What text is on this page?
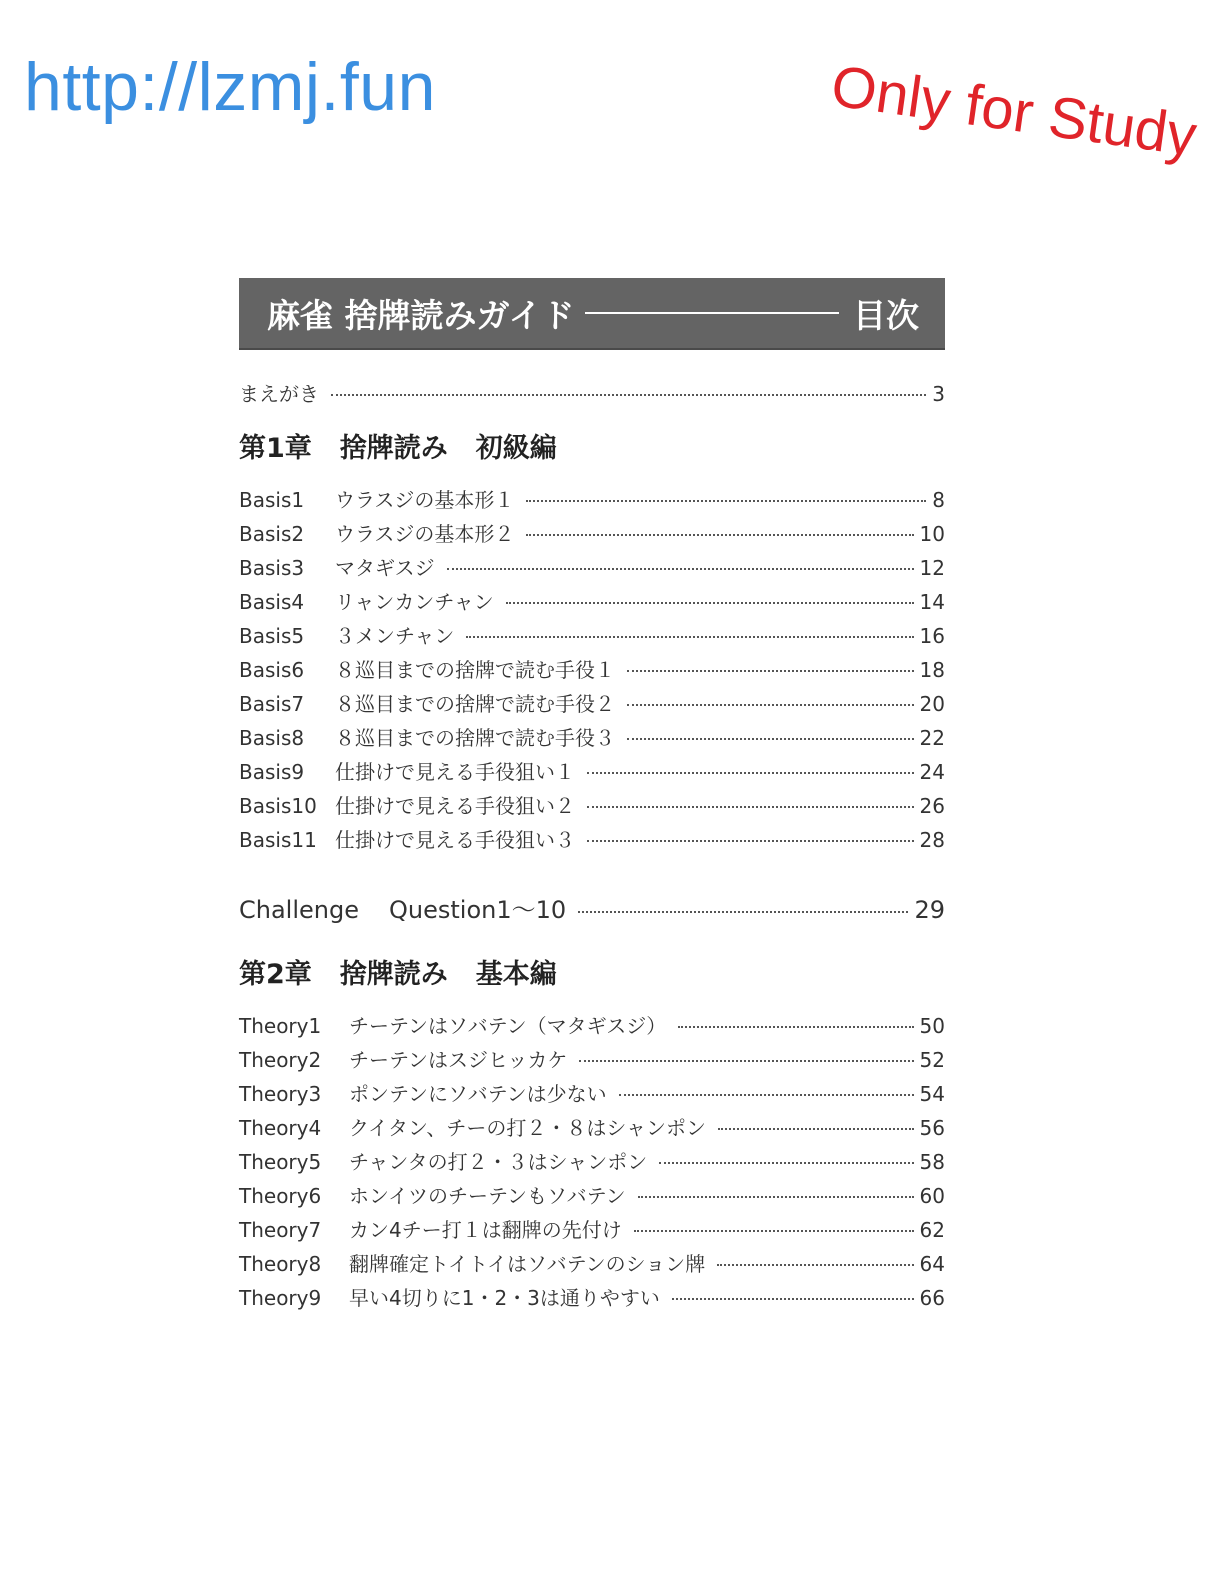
http://lzmj.fun	Only for Study
麻雀 捨牌読みガイド	目次
まえがき	3
第1章 捨牌読み 初級編
Basis1	ウラスジの基本形１	8
Basis2	ウラスジの基本形２	10
Basis3	マタギスジ	12
Basis4	リャンカンチャン	14
Basis5	３メンチャン	16
Basis6	８巡目までの捨牌で読む手役１	18
Basis7	８巡目までの捨牌で読む手役２	20
Basis8	８巡目までの捨牌で読む手役３	22
Basis9	仕掛けで見える手役狙い１	24
Basis10 仕掛けで見える手役狙い２	26
Basis11 仕掛けで見える手役狙い３	28
Challenge	Question1〜10	29
第2章 捨牌読み 基本編
Theory1	チーテンはソバテン（マタギスジ）	50
Theory2	チーテンはスジヒッカケ	52
Theory3	ポンテンにソバテンは少ない	54
Theory4	クイタン、チーの打２・８はシャンポン	56
Theory5	チャンタの打２・３はシャンポン	58
Theory6	ホンイツのチーテンもソバテン	60
Theory7	カン4チー打１は翻牌の先付け	62
Theory8	翻牌確定トイトイはソバテンのション牌	64
Theory9	早い4切りに1・2・3は通りやすい	66
